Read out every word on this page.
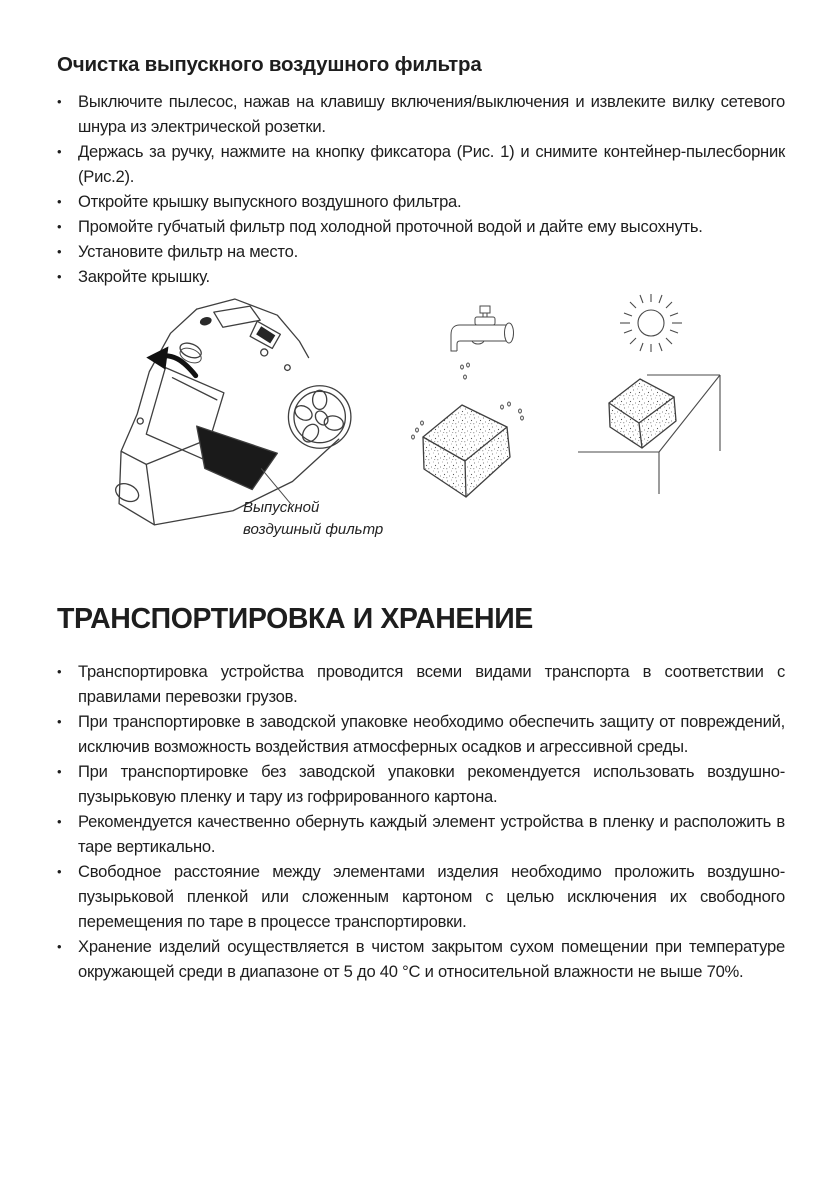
Очистка выпускного воздушного фильтра
•	Выключите пылесос, нажав на клавишу включения/выключения и извлеките вилку сетевого шнура из электрической розетки.
•	Держась за ручку, нажмите на кнопку фиксатора (Рис. 1) и снимите контейнер-пылесборник (Рис.2).
•	Откройте крышку выпускного воздушного фильтра.
•	Промойте губчатый фильтр под холодной проточной водой и дайте ему высохнуть.
•	Установите фильтр на место.
•	Закройте крышку.
Выпускной
воздушный фильтр
ТРАНСПОРТИРОВКА И ХРАНЕНИЕ
•	Транспортировка устройства проводится всеми видами транспорта в соответствии с правилами перевозки грузов.
•	При транспортировке в заводской упаковке необходимо обеспечить защиту от повреждений, исключив возможность воздействия атмосферных осадков и агрессивной среды.
•	При транспортировке без заводской упаковки рекомендуется использовать воздушно-пузырьковую пленку и тару из гофрированного картона.
•	Рекомендуется качественно обернуть каждый элемент устройства в пленку и расположить в таре вертикально.
•	Свободное расстояние между элементами изделия необходимо проложить воздушно-пузырьковой пленкой или сложенным картоном с целью исключения их свободного перемещения по таре в процессе транспортировки.
•	Хранение изделий осуществляется в чистом закрытом сухом помещении при температуре окружающей среди в диапазоне от 5 до 40 °С и относительной влажности не выше 70%.
